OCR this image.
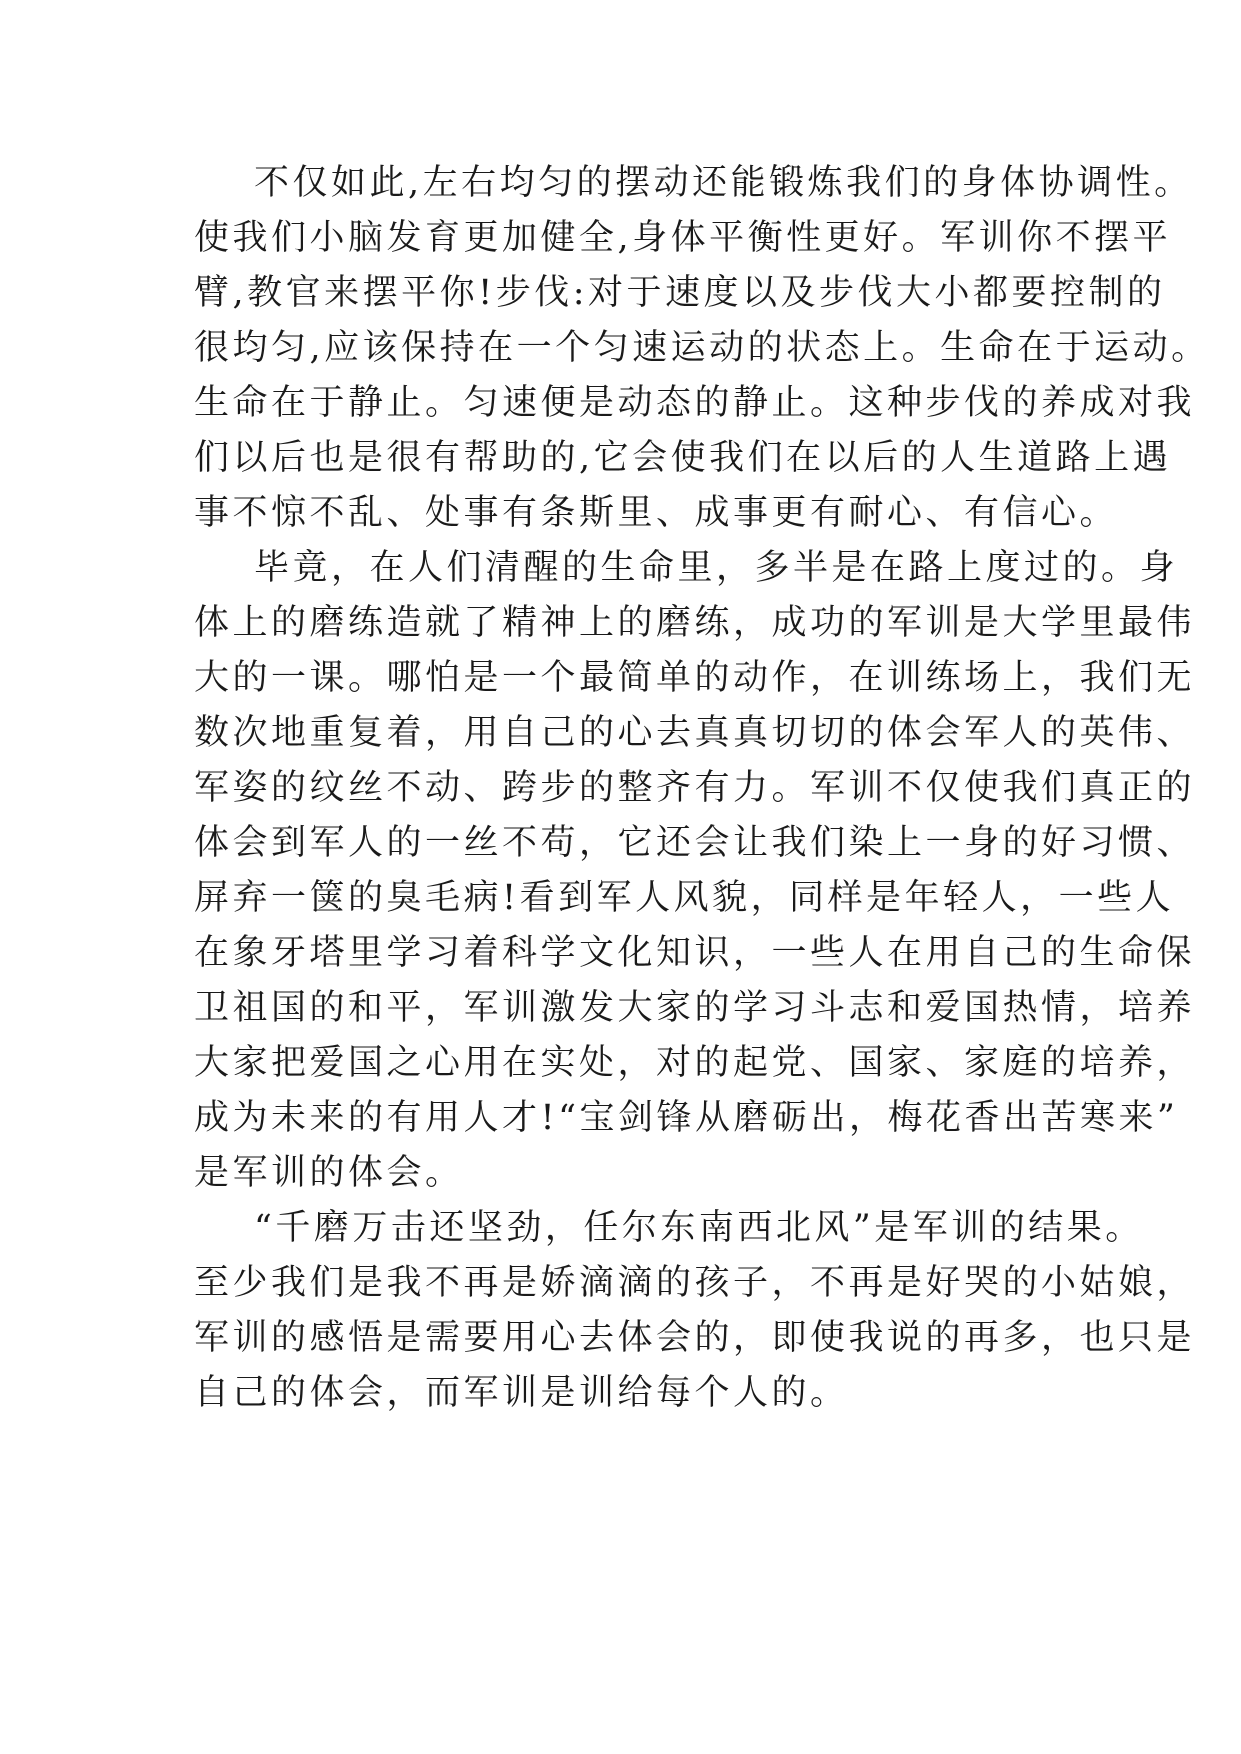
不仅如此,左右均匀的摆动还能锻炼我们的身体协调性。
使我们小脑发育更加健全,身体平衡性更好。军训你不摆平
臂,教官来摆平你!步伐:对于速度以及步伐大小都要控制的
很均匀,应该保持在一个匀速运动的状态上。生命在于运动。
生命在于静止。匀速便是动态的静止。这种步伐的养成对我
们以后也是很有帮助的,它会使我们在以后的人生道路上遇
事不惊不乱、处事有条斯里、成事更有耐心、有信心。
毕竟，在人们清醒的生命里，多半是在路上度过的。身
体上的磨练造就了精神上的磨练，成功的军训是大学里最伟
大的一课。哪怕是一个最简单的动作，在训练场上，我们无
数次地重复着，用自己的心去真真切切的体会军人的英伟、
军姿的纹丝不动、跨步的整齐有力。军训不仅使我们真正的
体会到军人的一丝不苟，它还会让我们染上一身的好习惯、
屏弃一箧的臭毛病!看到军人风貌，同样是年轻人，一些人
在象牙塔里学习着科学文化知识，一些人在用自己的生命保
卫祖国的和平，军训激发大家的学习斗志和爱国热情，培养
大家把爱国之心用在实处，对的起党、国家、家庭的培养，
成为未来的有用人才!“宝剑锋从磨砺出，梅花香出苦寒来”
是军训的体会。
“千磨万击还坚劲，任尔东南西北风”是军训的结果。
至少我们是我不再是娇滴滴的孩子，不再是好哭的小姑娘，
军训的感悟是需要用心去体会的，即使我说的再多，也只是
自己的体会，而军训是训给每个人的。
